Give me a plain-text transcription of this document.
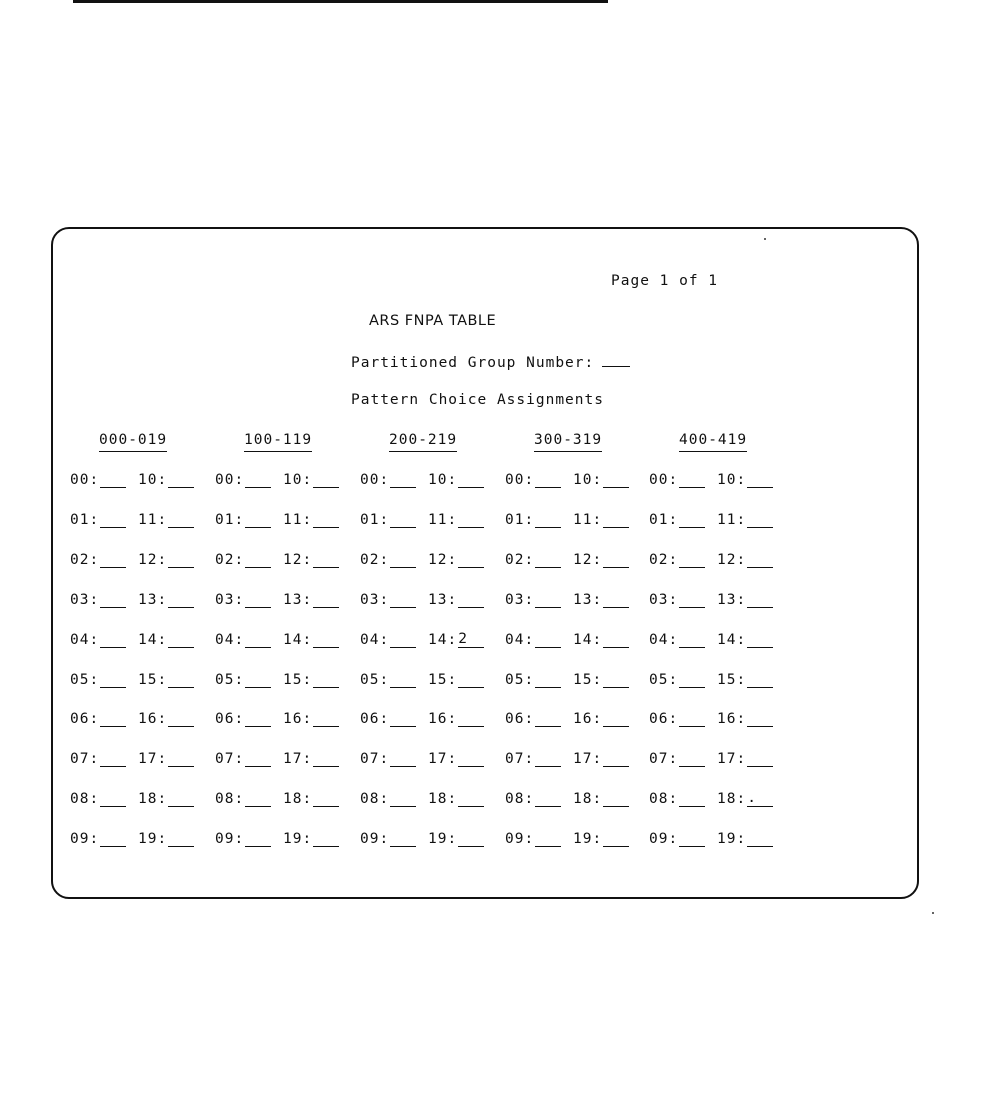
Page 1 of 1
ARS FNPA TABLE
Partitioned Group Number:
Pattern Choice Assignments
000-019
00:	10:
01:	11:
02:	12:
03:	13:
04:	14:
05:	15:
06:	16:
07:	17:
08:	18:
09:	19:
100-119
00:	10:
01:	11:
02:	12:
03:	13:
04:	14:
05:	15:
06:	16:
07:	17:
08:	18:
09:	19:
200-219
00:	10:
01:	11:
02:	12:
03:	13:
04:	14:2
05:	15:
06:	16:
07:	17:
08:	18:
09:	19:
300-319
00:	10:
01:	11:
02:	12:
03:	13:
04:	14:
05:	15:
06:	16:
07:	17:
08:	18:
09:	19:
400-419
00:	10:
01:	11:
02:	12:
03:	13:
04:	14:
05:	15:
06:	16:
07:	17:
08:	18:.
09:	19:
